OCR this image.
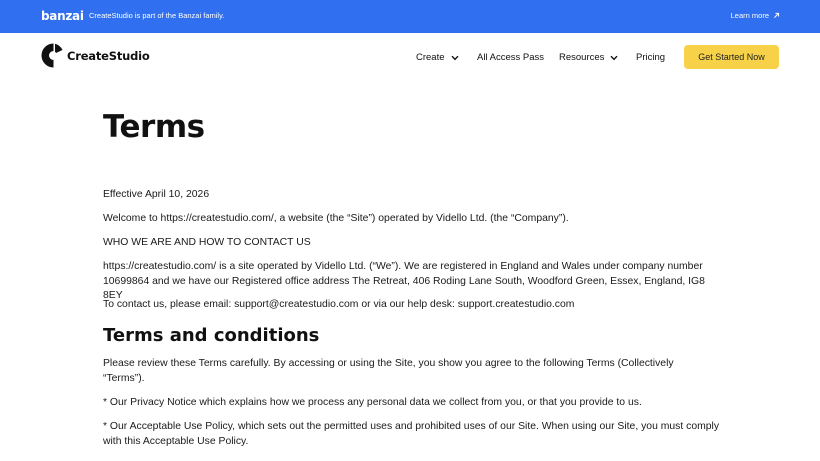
banzai CreateStudio is part of the Banzai family.	Learn more
CreateStudio	Create	All Access Pass Resources	Pricing	Get Started Now
Terms

Effective April 10, 2026

Welcome to https://createstudio.com/, a website (the “Site”) operated by Vidello Ltd. (the “Company”).

WHO WE ARE AND HOW TO CONTACT US

https://createstudio.com/ is a site operated by Vidello Ltd. (“We”). We are registered in England and Wales under company number

10699864 and we have our Registered office address The Retreat, 406 Roding Lane South, Woodford Green, Essex, England, IG8 8EY

To contact us, please email: support@createstudio.com or via our help desk: support.createstudio.com

Terms and conditions

Please review these Terms carefully. By accessing or using the Site, you show you agree to the following Terms (Collectively

“Terms”).

* Our Privacy Notice which explains how we process any personal data we collect from you, or that you provide to us.

* Our Acceptable Use Policy, which sets out the permitted uses and prohibited uses of our Site. When using our Site, you must comply

with this Acceptable Use Policy.
